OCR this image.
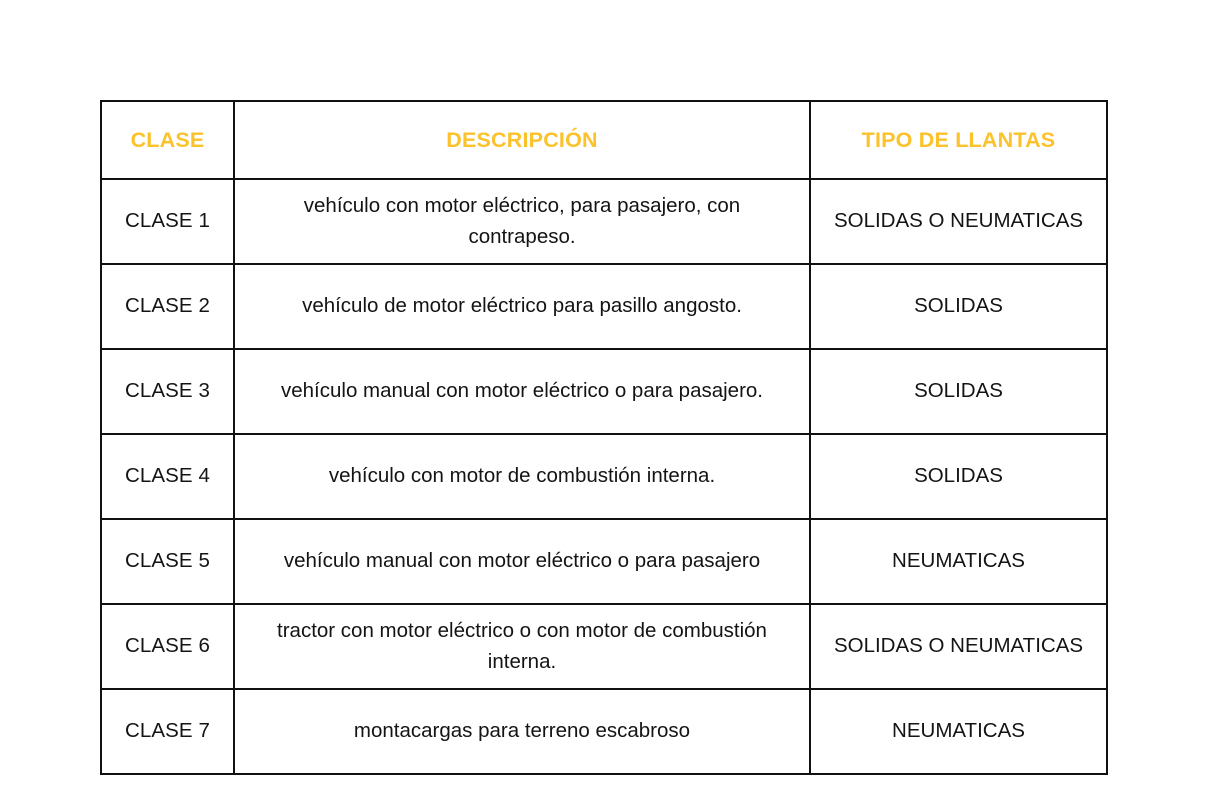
CLASE	DESCRIPCIÓN	TIPO DE LLANTAS
CLASE 1	vehículo con motor eléctrico, para pasajero, con contrapeso.	SOLIDAS O NEUMATICAS
CLASE 2	vehículo de motor eléctrico para pasillo angosto.	SOLIDAS
CLASE 3	vehículo manual con motor eléctrico o para pasajero.	SOLIDAS
CLASE 4	vehículo con motor de combustión interna.	SOLIDAS
CLASE 5	vehículo manual con motor eléctrico o para pasajero	NEUMATICAS
CLASE 6	tractor con motor eléctrico o con motor de combustión interna.	SOLIDAS O NEUMATICAS
CLASE 7	montacargas para terreno escabroso	NEUMATICAS
